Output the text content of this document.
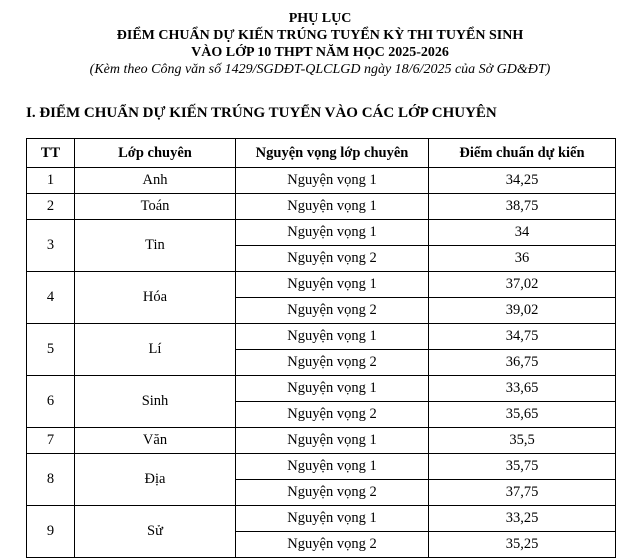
PHỤ LỤC
ĐIỂM CHUẨN DỰ KIẾN TRÚNG TUYỂN KỲ THI TUYỂN SINH
VÀO LỚP 10 THPT NĂM HỌC 2025-2026
(Kèm theo Công văn số 1429/SGDĐT-QLCLGD ngày 18/6/2025 của Sở GD&ĐT)
I. ĐIỂM CHUẨN DỰ KIẾN TRÚNG TUYỂN VÀO CÁC LỚP CHUYÊN
TT	Lớp chuyên	Nguyện vọng lớp chuyên	Điểm chuẩn dự kiến
1	Anh	Nguyện vọng 1	34,25
2	Toán	Nguyện vọng 1	38,75
3	Tin	Nguyện vọng 1	34
		Nguyện vọng 2	36
4	Hóa	Nguyện vọng 1	37,02
		Nguyện vọng 2	39,02
5	Lí	Nguyện vọng 1	34,75
		Nguyện vọng 2	36,75
6	Sinh	Nguyện vọng 1	33,65
		Nguyện vọng 2	35,65
7	Văn	Nguyện vọng 1	35,5
8	Địa	Nguyện vọng 1	35,75
		Nguyện vọng 2	37,75
9	Sử	Nguyện vọng 1	33,25
		Nguyện vọng 2	35,25
